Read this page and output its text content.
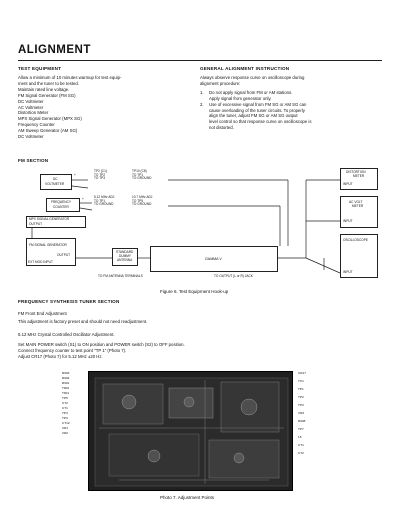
ALIGNMENT
TEST EQUIPMENT
Allow a minimum of 10 minutes warmup for test equip-
ment and the tuner to be tested.
Maintain rated line voltage.
FM Signal Generator (FM SG)
DC Voltmeter
AC Voltmeter
Distortion Meter
MPX Signal Generator (MPX SG)
Frequency Counter
AM Sweep Generator (AM SG)
DC Voltmeter
GENERAL ALIGNMENT INSTRUCTION
Always observe response curve on oscilloscope during
alignment procedure:
1. Do not apply signal from FM or AM stations.
Apply signal from generator only.
2. Use of excessive signal from FM SG or AM SG can
cause overloading of the tuner circuits. To properly
align the tuner, adjust FM SG or AM SG output
level control so that response curve on oscilloscope is
not distorted.
FM SECTION
DC
VOLTMETER
+
TP2 (C1)
TO TP2
TO TP3
TP10 (C8)
TO TP1
TO GROUND
FREQUENCY
COUNTER
+	5.12 MHz ADJ
TO TP1
TO GROUND
10.7 MHz ADJ
TO TP5
TO GROUND
MPX SIGNAL GENERATOR
OUTPUT
FM SIGNAL GENERATOR
OUTPUT
EXT MOD INPUT
STANDARD
DUMMY
ANTENNA	GAMMA V
TO FM ANTENNA TERMINALS	TO OUTPUT (L or R) JACK
DISTORTION
METER
INPUT
AC VOLT
METER
INPUT
OSCILLOSCOPE
INPUT
Figure 6. Test Equipment Hook-up
FREQUENCY SYNTHESIS TUNER SECTION
FM Front End Adjustment
This adjustment is factory preset and should not need readjustment.
5.12 MHz Crystal Controlled Oscillator Adjustment.
Set MAIN POWER switch (S1) to ON position and POWER switch (S2) to OFF position.
Connect frequency counter to test point "TP 1" (Photo 7).
Adjust CR17 (Photo 7) for 5.12 MHz ±20 Hz.
R903
R902
R901
T902
T901
TP5
CT2
CT1
TP4
TP3
CT12
VR1
VR2
CR17
TC1
TP1
TP2
TP3
VR3
R908
TP7
L5
CT1
CT2
Photo 7. Adjustment Points
